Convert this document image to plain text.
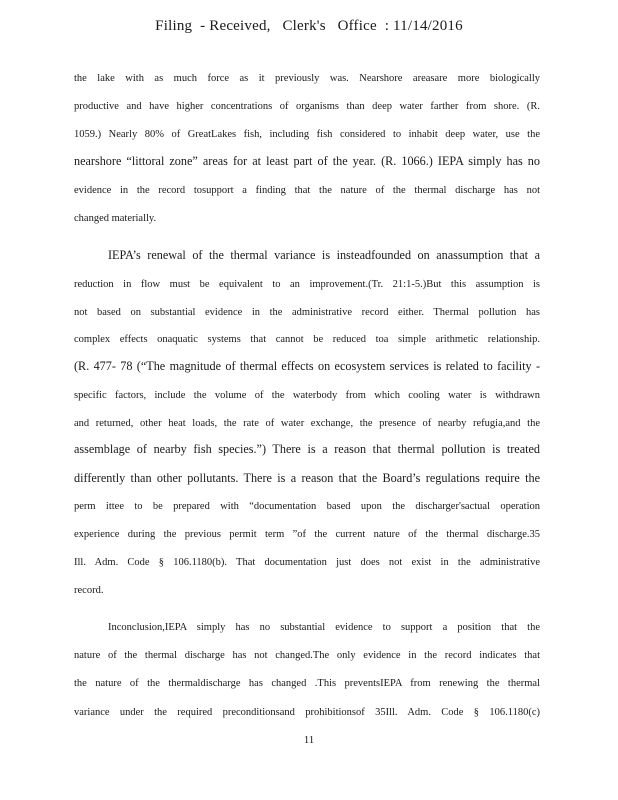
Filing  - Received,   Clerk's   Office  : 11/14/2016
the lake with as much force as it previously was. Nearshore areasare more biologically
productive and have higher concentrations of organisms than deep water farther from shore. (R.
1059.) Nearly 80% of GreatLakes fish, including fish considered to inhabit deep water, use the
nearshore “littoral zone” areas for at least part of the year. (R. 1066.) IEPA simply has no
evidence in the record tosupport a finding that the nature of the thermal discharge has not
changed materially.
IEPA’s renewal of the thermal variance is insteadfounded on anassumption that a
reduction in flow must be equivalent to an improvement.(Tr. 21:1-5.)But this assumption is
not based on substantial evidence in the administrative record either. Thermal pollution has
complex effects onaquatic systems that cannot be reduced toa simple arithmetic relationship.
(R. 477- 78 (“The magnitude of thermal effects on ecosystem services is related to facility -
specific factors, include the volume of the waterbody from which cooling water is withdrawn
and returned, other heat loads, the rate of water exchange, the presence of nearby refugia,and the
assemblage of nearby fish species.”) There is a reason that thermal pollution is treated
differently than other pollutants. There is a reason that the Board’s regulations require the
perm ittee to be prepared with “documentation based upon the discharger'sactual operation
experience during the previous permit term ”of the current nature of the thermal discharge.35
Ill. Adm. Code § 106.1180(b). That documentation just does not exist in the administrative
record.
Inconclusion,IEPA simply has no substantial evidence to support a position that the
nature of the thermal discharge has not changed.The only evidence in the record indicates that
the nature of the thermaldischarge has changed .This preventsIEPA from renewing the thermal
variance under the required preconditionsand prohibitionsof 35Ill. Adm. Code § 106.1180(c)
11
